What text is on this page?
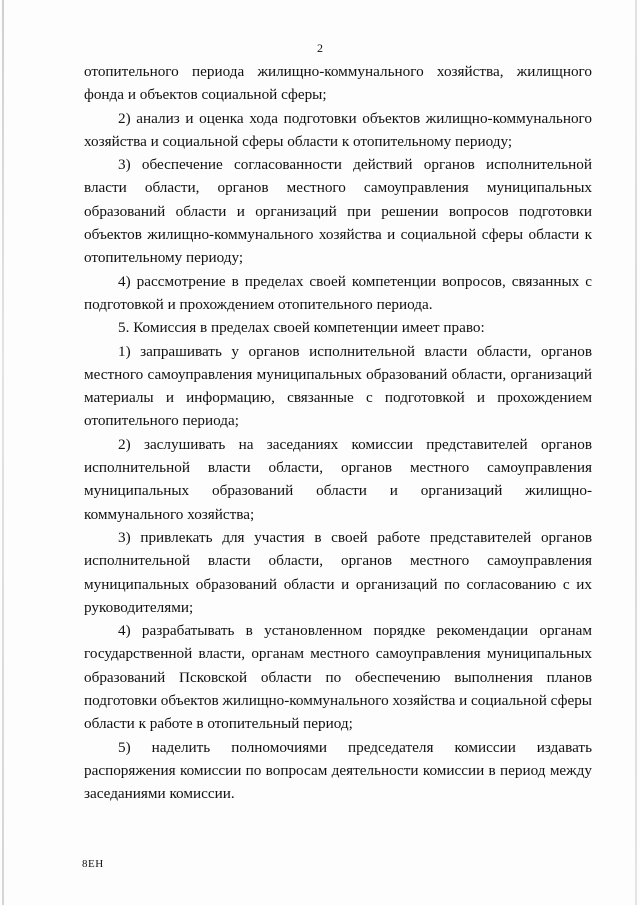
2

отопительного периода жилищно-коммунального хозяйства, жилищного фонда и объектов социальной сферы;

2) анализ и оценка хода подготовки объектов жилищно-коммунального хозяйства и социальной сферы области к отопительному периоду;

3) обеспечение согласованности действий органов исполнительной власти области, органов местного самоуправления муниципальных образований области и организаций при решении вопросов подготовки объектов жилищно-коммунального хозяйства и социальной сферы области к отопительному периоду;

4) рассмотрение в пределах своей компетенции вопросов, связанных с подготовкой и прохождением отопительного периода.

5. Комиссия в пределах своей компетенции имеет право:

1) запрашивать у органов исполнительной власти области, органов местного самоуправления муниципальных образований области, организаций материалы и информацию, связанные с подготовкой и прохождением отопительного периода;

2) заслушивать на заседаниях комиссии представителей органов исполнительной власти области, органов местного самоуправления муниципальных образований области и организаций жилищно-коммунального хозяйства;

3) привлекать для участия в своей работе представителей органов исполнительной власти области, органов местного самоуправления муниципальных образований области и организаций по согласованию с их руководителями;

4) разрабатывать в установленном порядке рекомендации органам государственной власти, органам местного самоуправления муниципальных образований Псковской области по обеспечению выполнения планов подготовки объектов жилищно-коммунального хозяйства и социальной сферы области к работе в отопительный период;

5) наделить полномочиями председателя комиссии издавать распоряжения комиссии по вопросам деятельности комиссии в период между заседаниями комиссии.

8ЕН
